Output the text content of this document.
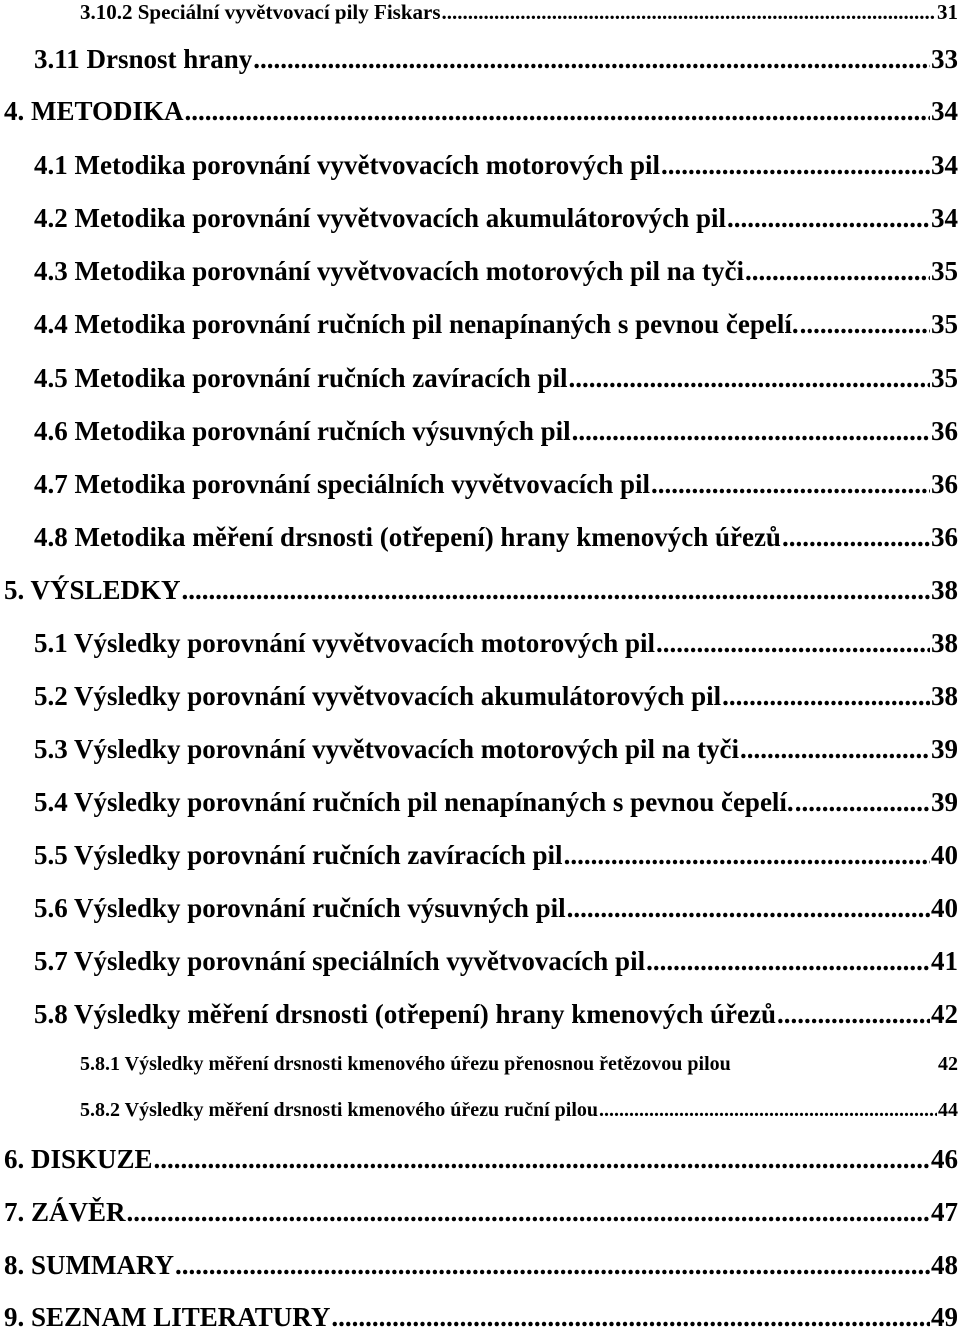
3.10.2 Speciální vyvětvovací pily Fiskars .....	31
3.11 Drsnost hrany .....	33
4. METODIKA .....	34
4.1 Metodika porovnání vyvětvovacích motorových pil .....	34
4.2 Metodika porovnání vyvětvovacích akumulátorových pil .....	34
4.3 Metodika porovnání vyvětvovacích motorových pil na tyči .....	35
4.4 Metodika porovnání ručních pil nenapínaných s pevnou čepelí. .....	35
4.5 Metodika porovnání ručních zavíracích pil .....	35
4.6 Metodika porovnání ručních výsuvných pil .....	36
4.7 Metodika porovnání speciálních vyvětvovacích pil .....	36
4.8 Metodika měření drsnosti (otřepení) hrany kmenových úřezů .....	36
5. VÝSLEDKY .....	38
5.1 Výsledky porovnání vyvětvovacích motorových pil .....	38
5.2 Výsledky porovnání vyvětvovacích akumulátorových pil .....	38
5.3 Výsledky porovnání vyvětvovacích motorových pil na tyči .....	39
5.4 Výsledky porovnání ručních pil nenapínaných s pevnou čepelí. .....	39
5.5 Výsledky porovnání ručních zavíracích pil .....	40
5.6 Výsledky porovnání ručních výsuvných pil .....	40
5.7 Výsledky porovnání speciálních vyvětvovacích pil .....	41
5.8 Výsledky měření drsnosti (otřepení) hrany kmenových úřezů .....	42
5.8.1 Výsledky měření drsnosti kmenového úřezu přenosnou řetězovou pilou	42
5.8.2 Výsledky měření drsnosti kmenového úřezu ruční pilou .....	44
6. DISKUZE .....	46
7. ZÁVĚR .....	47
8. SUMMARY .....	48
9. SEZNAM LITERATURY .....	49
